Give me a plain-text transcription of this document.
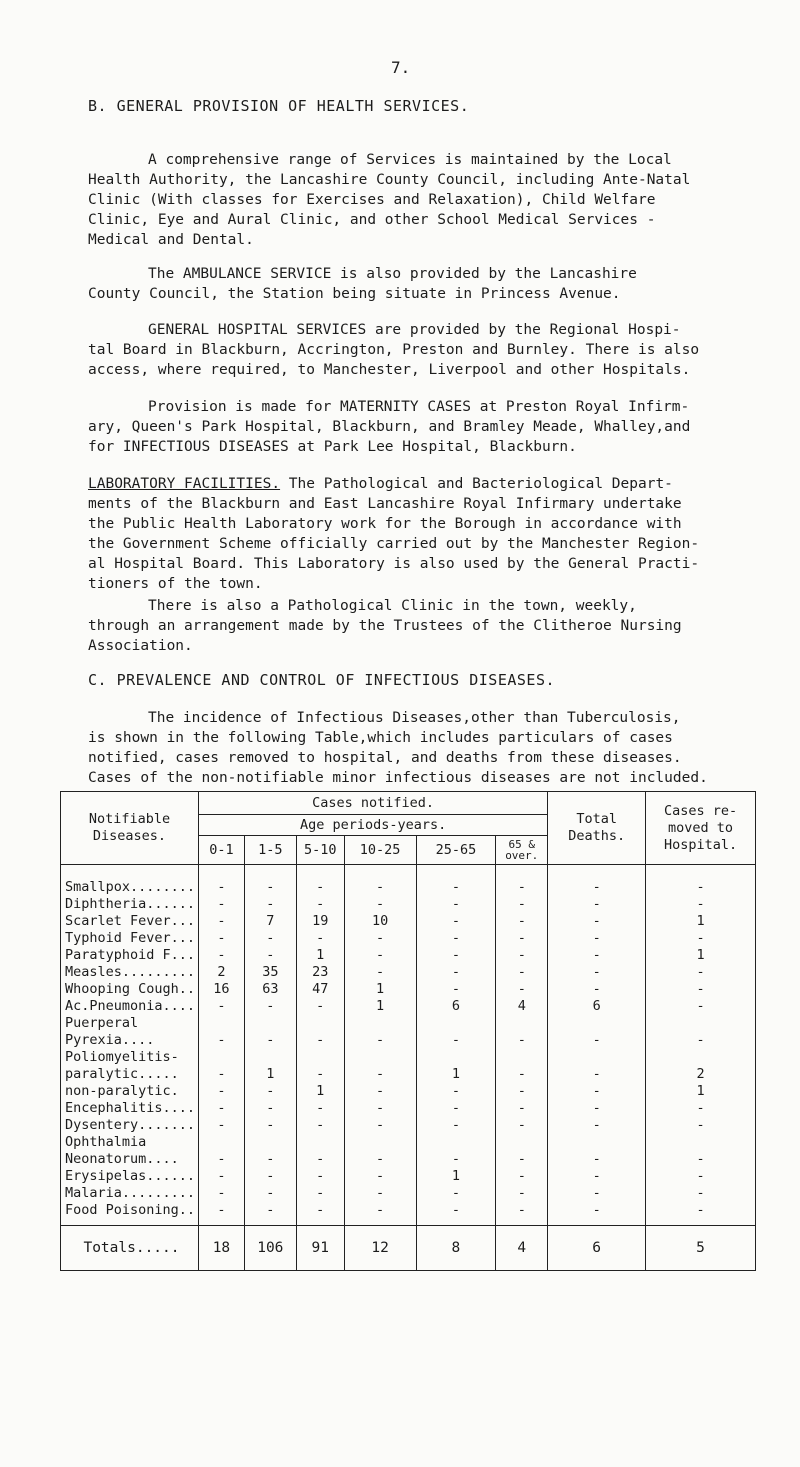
7.
B. GENERAL PROVISION OF HEALTH SERVICES.
A comprehensive range of Services is maintained by the Local
Health Authority, the Lancashire County Council, including Ante-Natal
Clinic (With classes for Exercises and Relaxation), Child Welfare
Clinic, Eye and Aural Clinic, and other School Medical Services -
Medical and Dental.
The AMBULANCE SERVICE is also provided by the Lancashire
County Council, the Station being situate in Princess Avenue.
GENERAL HOSPITAL SERVICES are provided by the Regional Hospi-
tal Board in Blackburn, Accrington, Preston and Burnley. There is also
access, where required, to Manchester, Liverpool and other Hospitals.
Provision is made for MATERNITY CASES at Preston Royal Infirm-
ary, Queen's Park Hospital, Blackburn, and Bramley Meade, Whalley,and
for INFECTIOUS DISEASES at Park Lee Hospital, Blackburn.
LABORATORY FACILITIES. The Pathological and Bacteriological Depart-
ments of the Blackburn and East Lancashire Royal Infirmary undertake
the Public Health Laboratory work for the Borough in accordance with
the Government Scheme officially carried out by the Manchester Region-
al Hospital Board. This Laboratory is also used by the General Practi-
tioners of the town.
There is also a Pathological Clinic in the town, weekly,
through an arrangement made by the Trustees of the Clitheroe Nursing
Association.
C. PREVALENCE AND CONTROL OF INFECTIOUS DISEASES.
The incidence of Infectious Diseases,other than Tuberculosis,
is shown in the following Table,which includes particulars of cases
notified, cases removed to hospital, and deaths from these diseases.
Cases of the non-notifiable minor infectious diseases are not included.
Notifiable Diseases.	Cases notified.						Total Deaths.	Cases re-moved to Hospital.
	Age periods-years.							
	0-1	1-5	5-10	10-25	25-65	65 & over.		
Smallpox........	-	-	-	-	-	-	-	-
Diphtheria......	-	-	-	-	-	-	-	-
Scarlet Fever...	-	7	19	10	-	-	-	1
Typhoid Fever...	-	-	-	-	-	-	-	-
Paratyphoid F...	-	-	1	-	-	-	-	1
Measles.........	2	35	23	-	-	-	-	-
Whooping Cough..	16	63	47	1	-	-	-	-
Ac.Pneumonia....	-	-	-	1	6	4	6	-
Puerperal
Pyrexia....	-	-	-	-	-	-	-	-
Poliomyelitis-
paralytic.....	-	1	-	-	1	-	-	2
non-paralytic.	-	-	1	-	-	-	-	1
Encephalitis....	-	-	-	-	-	-	-	-
Dysentery.......	-	-	-	-	-	-	-	-
Ophthalmia
Neonatorum....	-	-	-	-	-	-	-	-
Erysipelas......	-	-	-	-	1	-	-	-
Malaria.........	-	-	-	-	-	-	-	-
Food Poisoning..	-	-	-	-	-	-	-	-
Totals.....	18	106	91	12	8	4	6	5
